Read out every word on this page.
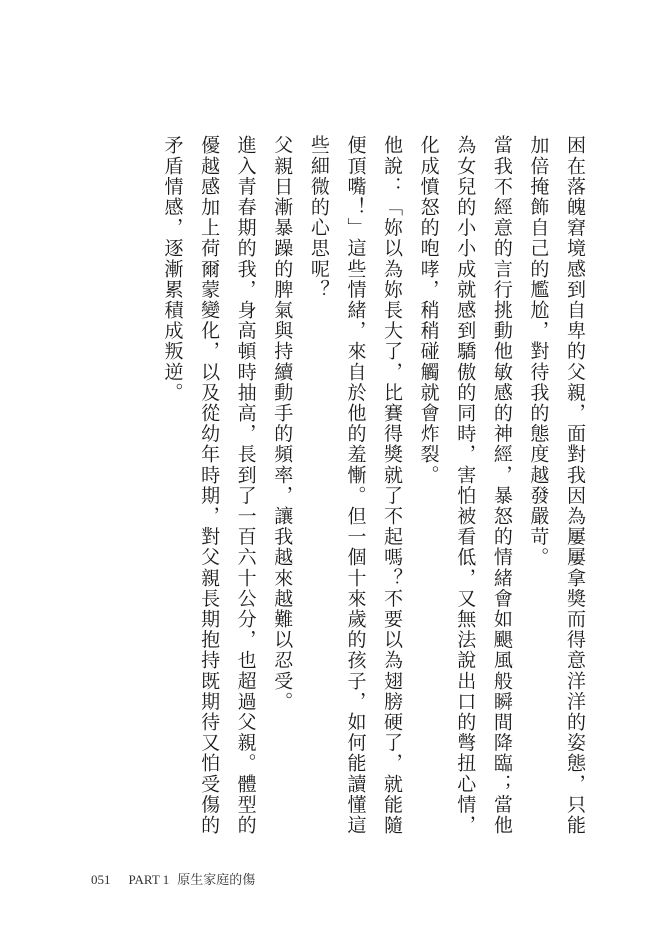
困在落魄窘境感到自卑的父親，面對我因為屢屢拿獎而得意洋洋的姿態，只能加倍掩飾自己的尷尬，對待我的態度越發嚴苛。

當我不經意的言行挑動他敏感的神經，暴怒的情緒會如颶風般瞬間降臨；當他為女兒的小小成就感到驕傲的同時，害怕被看低，又無法說出口的彆扭心情，化成憤怒的咆哮，稍稍碰觸就會炸裂。

他說：「妳以為妳長大了，比賽得獎就了不起嗎？不要以為翅膀硬了，就能隨便頂嘴！」這些情緒，來自於他的羞慚。但一個十來歲的孩子，如何能讀懂這些細微的心思呢？

父親日漸暴躁的脾氣與持續動手的頻率，讓我越來越難以忍受。

進入青春期的我，身高頓時抽高，長到了一百六十公分，也超過父親。體型的優越感加上荷爾蒙變化，以及從幼年時期，對父親長期抱持既期待又怕受傷的矛盾情感，逐漸累積成叛逆。

051 PART 1 原生家庭的傷
